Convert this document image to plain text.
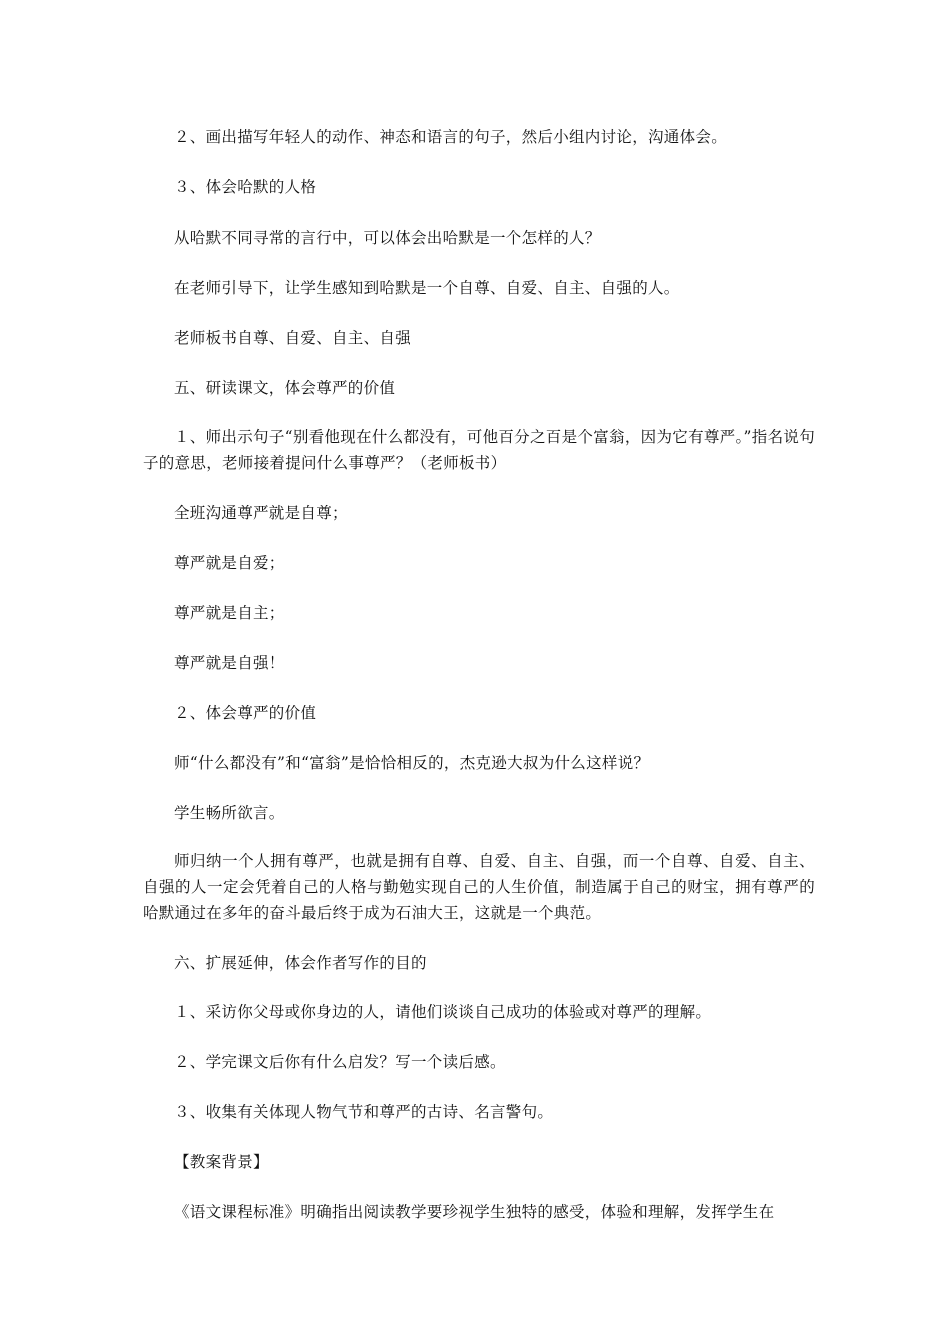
２、画出描写年轻人的动作、神态和语言的句子，然后小组内讨论，沟通体会。
３、体会哈默的人格
从哈默不同寻常的言行中，可以体会出哈默是一个怎样的人？
在老师引导下，让学生感知到哈默是一个自尊、自爱、自主、自强的人。
老师板书自尊、自爱、自主、自强
五、研读课文，体会尊严的价值
１、师出示句子“别看他现在什么都没有，可他百分之百是个富翁，因为它有尊严。”指名说句子的意思，老师接着提问什么事尊严？（老师板书）
全班沟通尊严就是自尊；
尊严就是自爱；
尊严就是自主；
尊严就是自强！
２、体会尊严的价值
师“什么都没有”和“富翁”是恰恰相反的，杰克逊大叔为什么这样说？
学生畅所欲言。
师归纳一个人拥有尊严，也就是拥有自尊、自爱、自主、自强，而一个自尊、自爱、自主、自强的人一定会凭着自己的人格与勤勉实现自己的人生价值，制造属于自己的财宝，拥有尊严的哈默通过在多年的奋斗最后终于成为石油大王，这就是一个典范。
六、扩展延伸，体会作者写作的目的
１、采访你父母或你身边的人，请他们谈谈自己成功的体验或对尊严的理解。
２、学完课文后你有什么启发？写一个读后感。
３、收集有关体现人物气节和尊严的古诗、名言警句。
【教案背景】
《语文课程标准》明确指出阅读教学要珍视学生独特的感受，体验和理解，发挥学生在
